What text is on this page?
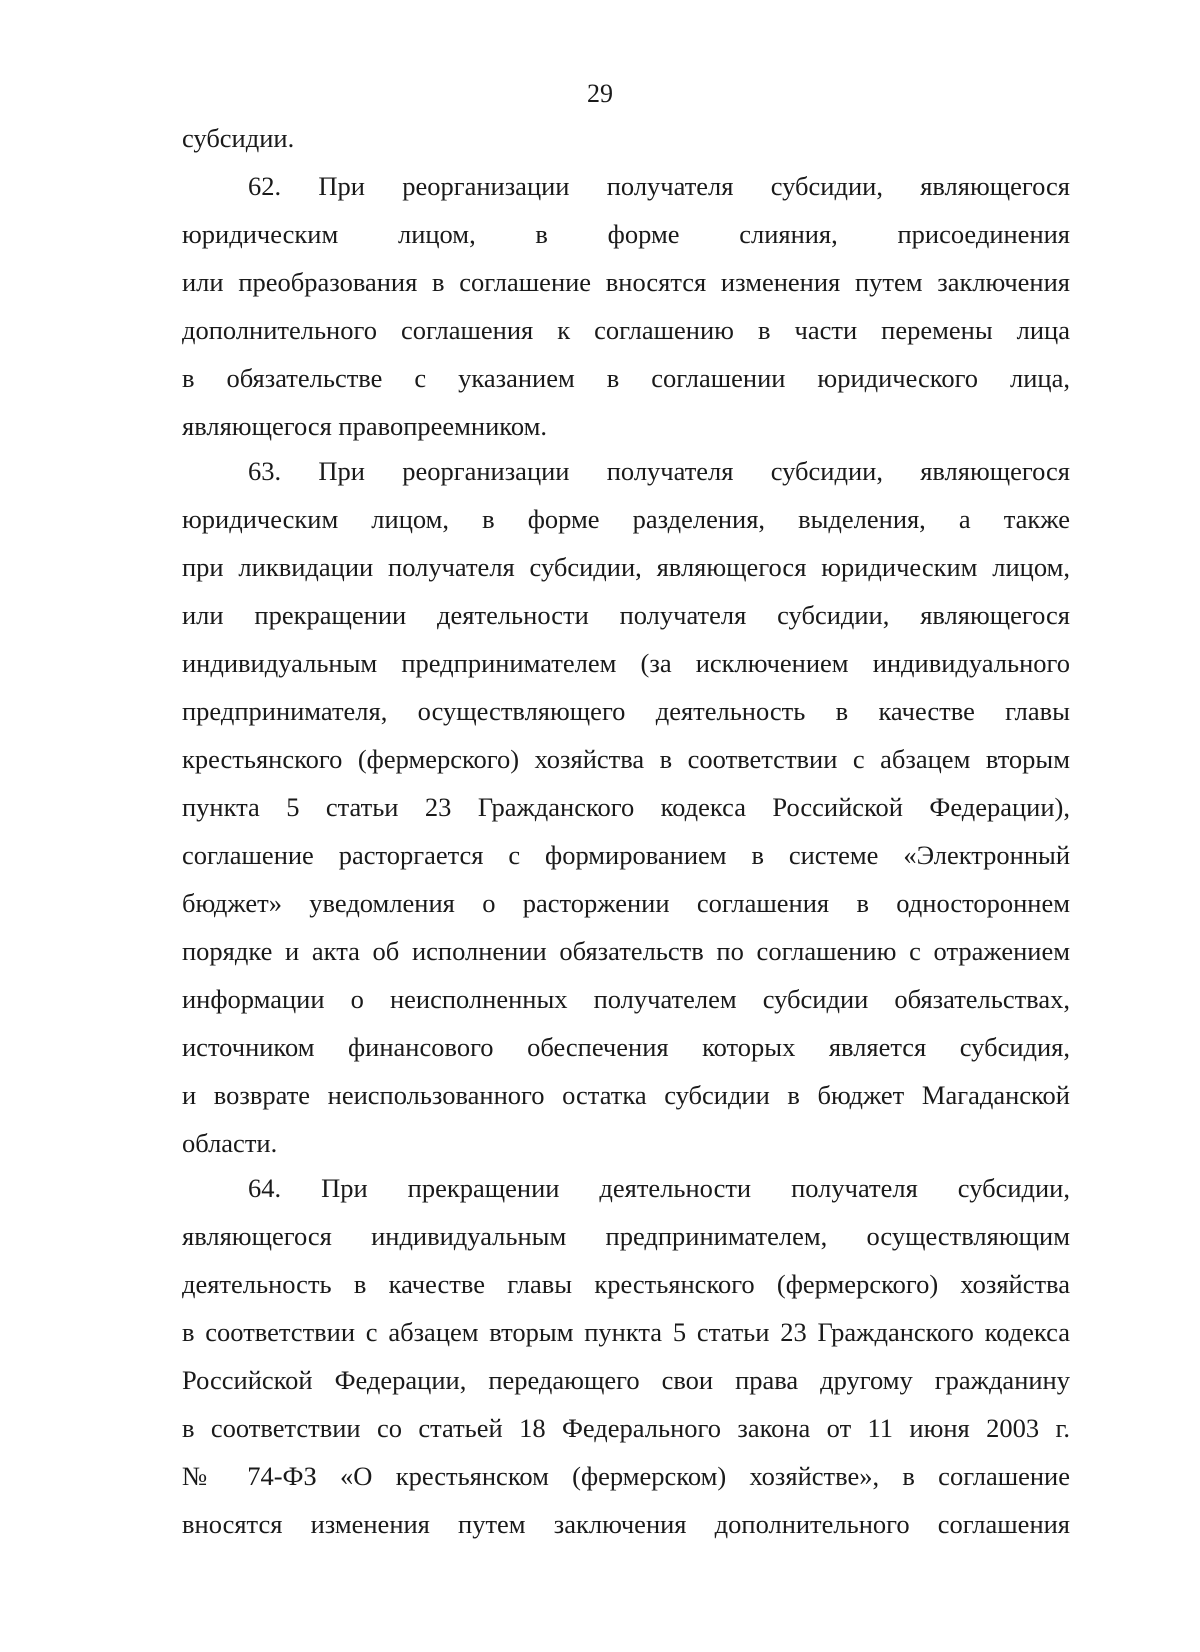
29
субсидии.
62. При реорганизации получателя субсидии, являющегося
юридическим лицом, в форме слияния, присоединения
или преобразования в соглашение вносятся изменения путем заключения
дополнительного соглашения к соглашению в части перемены лица
в обязательстве с указанием в соглашении юридического лица,
являющегося правопреемником.
63. При реорганизации получателя субсидии, являющегося
юридическим лицом, в форме разделения, выделения, а также
при ликвидации получателя субсидии, являющегося юридическим лицом,
или прекращении деятельности получателя субсидии, являющегося
индивидуальным предпринимателем (за исключением индивидуального
предпринимателя, осуществляющего деятельность в качестве главы
крестьянского (фермерского) хозяйства в соответствии с абзацем вторым
пункта 5 статьи 23 Гражданского кодекса Российской Федерации),
соглашение расторгается с формированием в системе «Электронный
бюджет» уведомления о расторжении соглашения в одностороннем
порядке и акта об исполнении обязательств по соглашению с отражением
информации о неисполненных получателем субсидии обязательствах,
источником финансового обеспечения которых является субсидия,
и возврате неиспользованного остатка субсидии в бюджет Магаданской
области.
64. При прекращении деятельности получателя субсидии,
являющегося индивидуальным предпринимателем, осуществляющим
деятельность в качестве главы крестьянского (фермерского) хозяйства
в соответствии с абзацем вторым пункта 5 статьи 23 Гражданского кодекса
Российской Федерации, передающего свои права другому гражданину
в соответствии со статьей 18 Федерального закона от 11 июня 2003 г.
№ 74-ФЗ «О крестьянском (фермерском) хозяйстве», в соглашение
вносятся изменения путем заключения дополнительного соглашения
